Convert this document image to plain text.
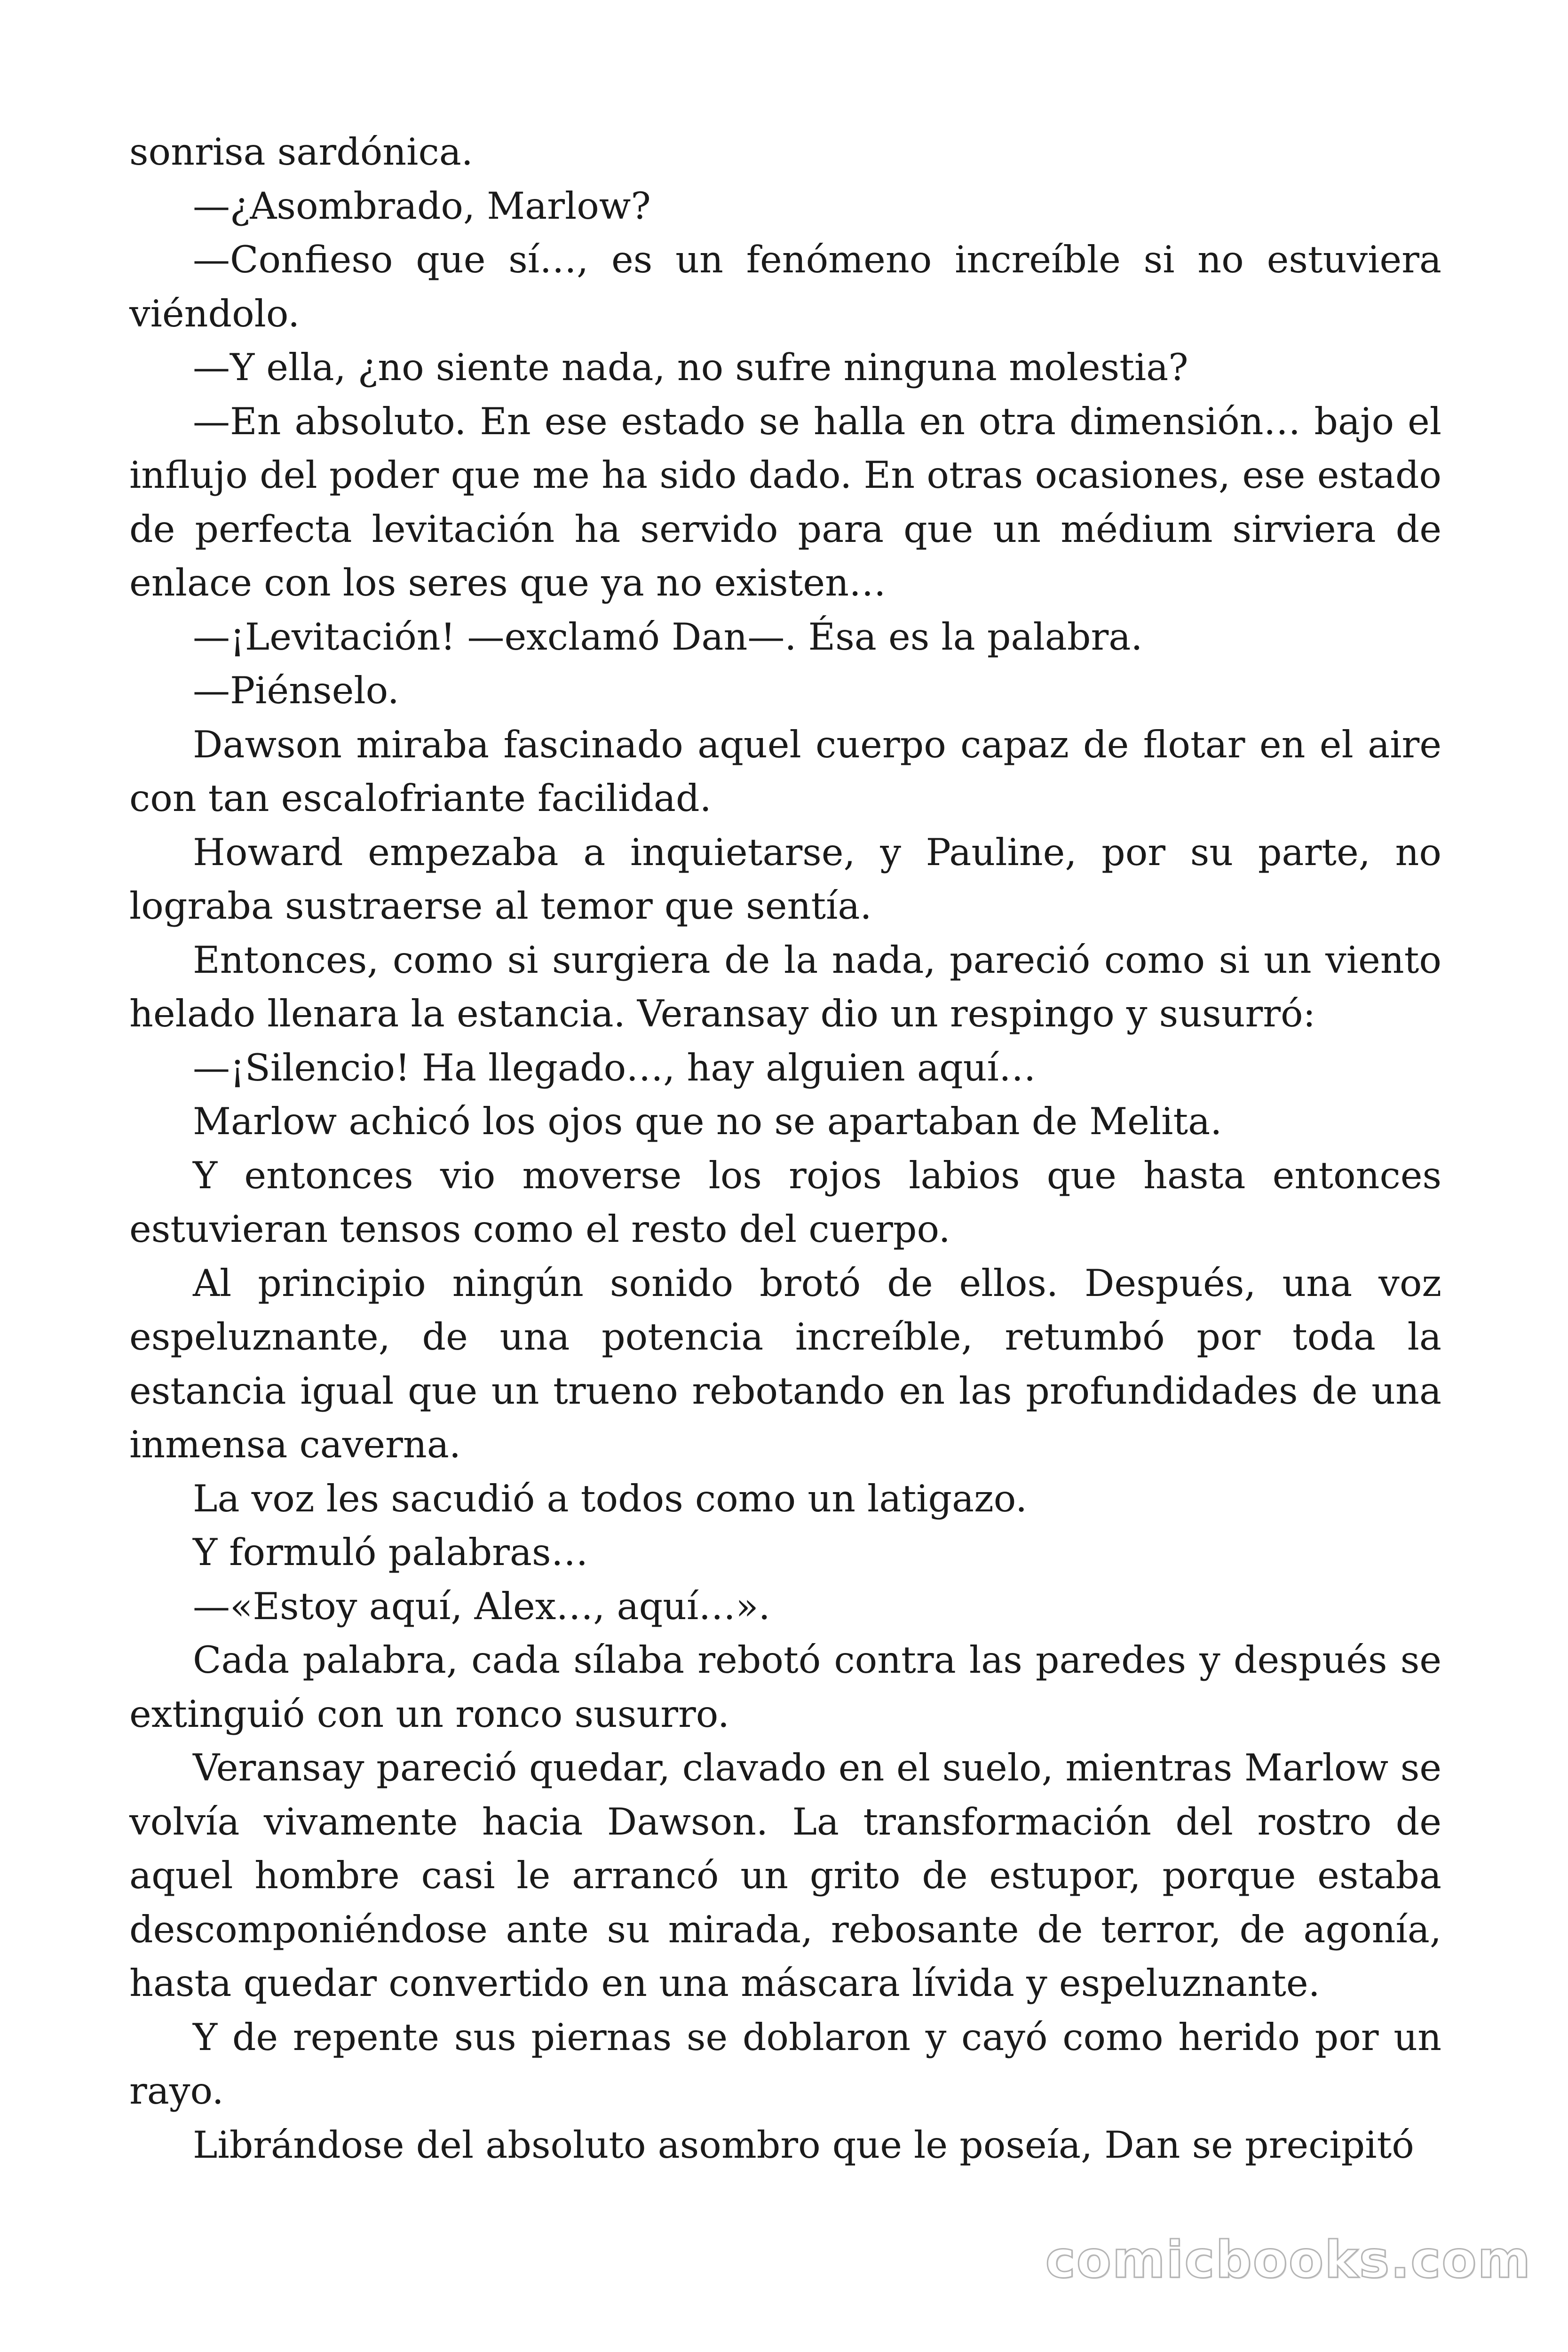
sonrisa sardónica.

—¿Asombrado, Marlow?

—Confieso que sí…, es un fenómeno increíble si no estuviera viéndolo.

—Y ella, ¿no siente nada, no sufre ninguna molestia?

—En absoluto. En ese estado se halla en otra dimensión… bajo el influjo del poder que me ha sido dado. En otras ocasiones, ese estado de perfecta levitación ha servido para que un médium sirviera de enlace con los seres que ya no existen…

—¡Levitación! —exclamó Dan—. Ésa es la palabra.

—Piénselo.

Dawson miraba fascinado aquel cuerpo capaz de flotar en el aire con tan escalofriante facilidad.

Howard empezaba a inquietarse, y Pauline, por su parte, no lograba sustraerse al temor que sentía.

Entonces, como si surgiera de la nada, pareció como si un viento helado llenara la estancia. Veransay dio un respingo y susurró:

—¡Silencio! Ha llegado…, hay alguien aquí…

Marlow achicó los ojos que no se apartaban de Melita.

Y entonces vio moverse los rojos labios que hasta entonces estuvieran tensos como el resto del cuerpo.

Al principio ningún sonido brotó de ellos. Después, una voz espeluznante, de una potencia increíble, retumbó por toda la estancia igual que un trueno rebotando en las profundidades de una inmensa caverna.

La voz les sacudió a todos como un latigazo.

Y formuló palabras…

—«Estoy aquí, Alex…, aquí…».

Cada palabra, cada sílaba rebotó contra las paredes y después se extinguió con un ronco susurro.

Veransay pareció quedar, clavado en el suelo, mientras Marlow se volvía vivamente hacia Dawson. La transformación del rostro de aquel hombre casi le arrancó un grito de estupor, porque estaba descomponiéndose ante su mirada, rebosante de terror, de agonía, hasta quedar convertido en una máscara lívida y espeluznante.

Y de repente sus piernas se doblaron y cayó como herido por un rayo.

Librándose del absoluto asombro que le poseía, Dan se precipitó

comicbooks.com
